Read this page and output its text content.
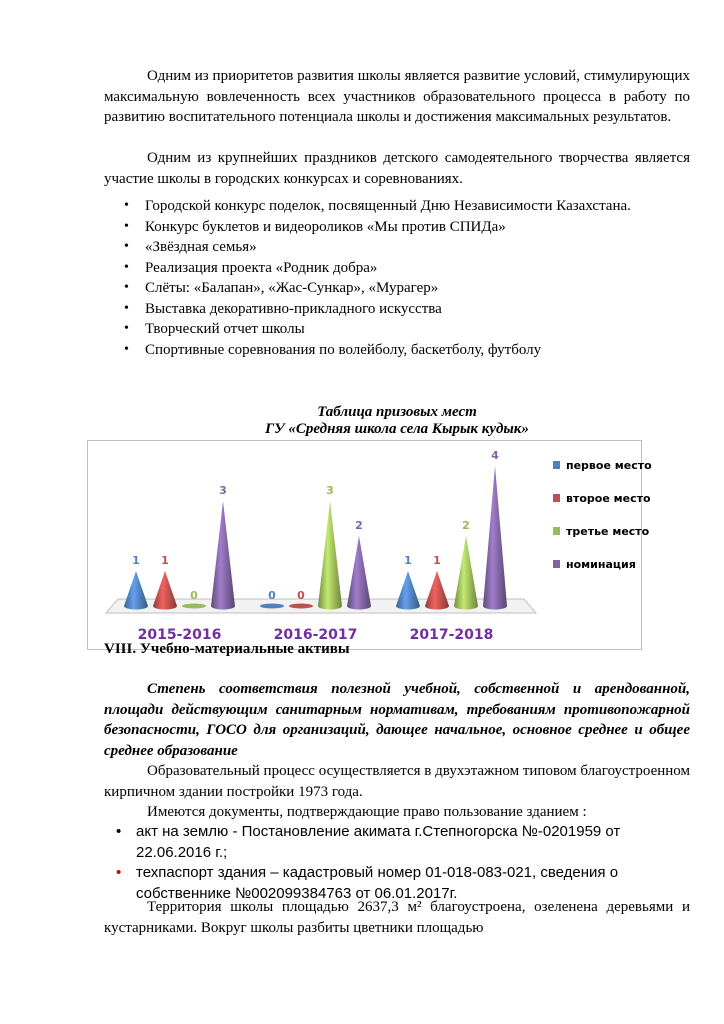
Одним из приоритетов развития школы является развитие условий, стимулирующих максимальную вовлеченность всех участников образовательного процесса в работу по развитию воспитательного потенциала школы и достижения максимальных результатов.

Одним из крупнейших праздников детского самодеятельного творчества является участие школы в городских конкурсах и соревнованиях.

• Городской конкурс поделок, посвященный Дню Независимости Казахстана.
• Конкурс буклетов и видеороликов «Мы против СПИДа»
• «Звёздная семья»
• Реализация проекта «Родник добра»
• Слёты: «Балапан», «Жас-Сункар», «Мурагер»
• Выставка декоративно-прикладного искусства
• Творческий отчет школы
• Спортивные соревнования по волейболу, баскетболу, футболу

Таблица призовых мест

ГУ «Средняя школа села Кырык кудык»

1 1
0
3
0 0
3
2
1 1
2
4
2015-2016	2016-2017	2017-2018
первое место
второе место
третье место
номинация

VIII. Учебно-материальные активы

Степень соответствия полезной учебной, собственной и арендованной, площади действующим санитарным нормативам, требованиям противопожарной безопасности, ГОСО для организаций, дающее начальное, основное среднее и общее среднее образование

Образовательный процесс осуществляется в двухэтажном типовом благоустроенном кирпичном здании постройки 1973 года.

Имеются документы, подтверждающие право пользование зданием :

• акт на землю - Постановление акимата г.Степногорска №-0201959 от 22.06.2016 г.;
• техпаспорт здания – кадастровый номер 01-018-083-021, сведения о собственнике №002099384763 от 06.01.2017г.

Территория школы площадью 2637,3 м² благоустроена, озеленена деревьями и кустарниками. Вокруг школы разбиты цветники площадью
